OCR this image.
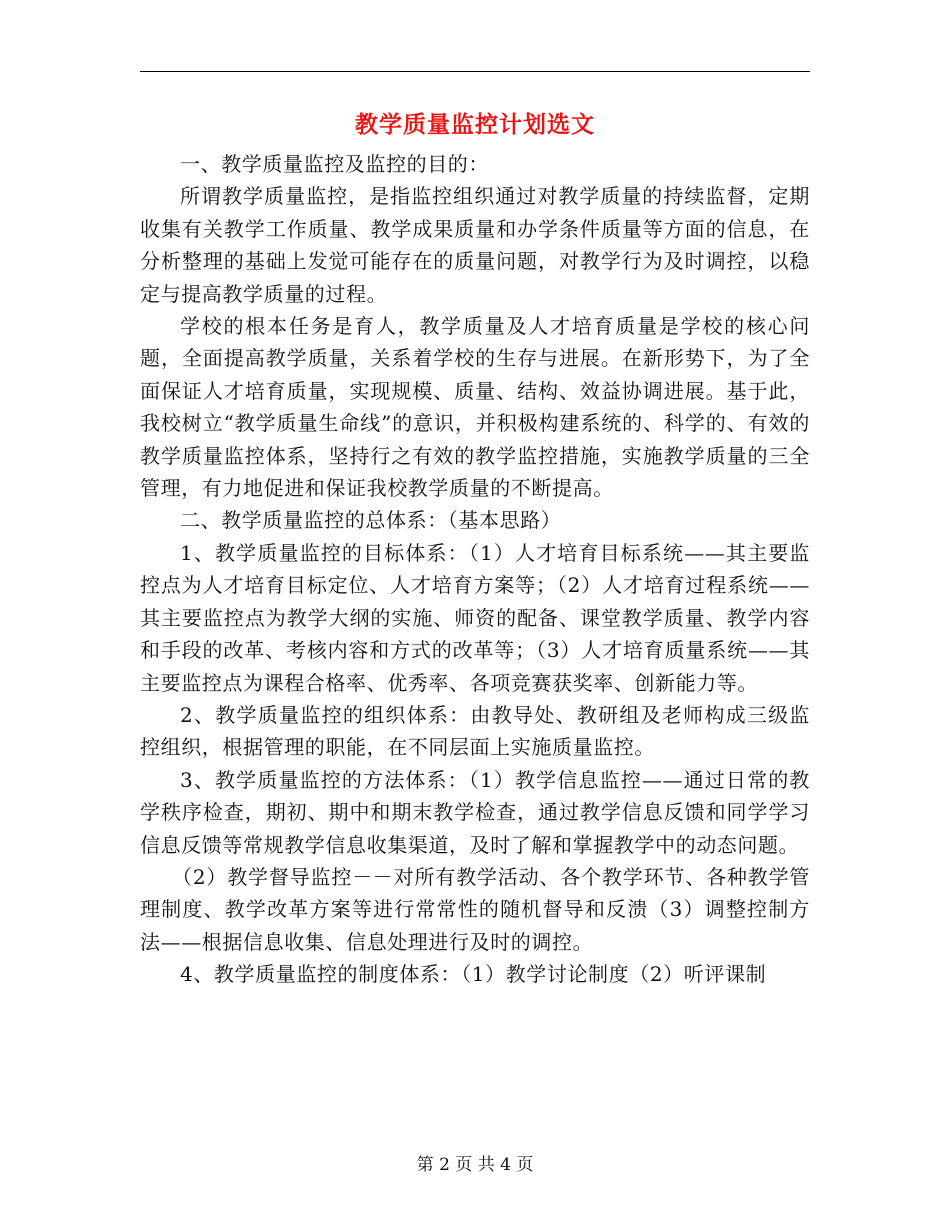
教学质量监控计划选文

一、教学质量监控及监控的目的：

所谓教学质量监控，是指监控组织通过对教学质量的持续监督，定期收集有关教学工作质量、教学成果质量和办学条件质量等方面的信息，在分析整理的基础上发觉可能存在的质量问题，对教学行为及时调控，以稳定与提高教学质量的过程。

学校的根本任务是育人，教学质量及人才培育质量是学校的核心问题，全面提高教学质量，关系着学校的生存与进展。在新形势下，为了全面保证人才培育质量，实现规模、质量、结构、效益协调进展。基于此，我校树立“教学质量生命线”的意识，并积极构建系统的、科学的、有效的教学质量监控体系，坚持行之有效的教学监控措施，实施教学质量的三全管理，有力地促进和保证我校教学质量的不断提高。

二、教学质量监控的总体系：（基本思路）

1、教学质量监控的目标体系：（1）人才培育目标系统——其主要监控点为人才培育目标定位、人才培育方案等；（2）人才培育过程系统——其主要监控点为教学大纲的实施、师资的配备、课堂教学质量、教学内容和手段的改革、考核内容和方式的改革等；（3）人才培育质量系统——其主要监控点为课程合格率、优秀率、各项竞赛获奖率、创新能力等。

2、教学质量监控的组织体系：由教导处、教研组及老师构成三级监控组织，根据管理的职能，在不同层面上实施质量监控。

3、教学质量监控的方法体系：（1）教学信息监控——通过日常的教学秩序检查，期初、期中和期末教学检查，通过教学信息反馈和同学学习信息反馈等常规教学信息收集渠道，及时了解和掌握教学中的动态问题。

（2）教学督导监控－－对所有教学活动、各个教学环节、各种教学管理制度、教学改革方案等进行常常性的随机督导和反溃（3）调整控制方法——根据信息收集、信息处理进行及时的调控。

4、教学质量监控的制度体系：（1）教学讨论制度（2）听评课制

第 2 页 共 4 页
